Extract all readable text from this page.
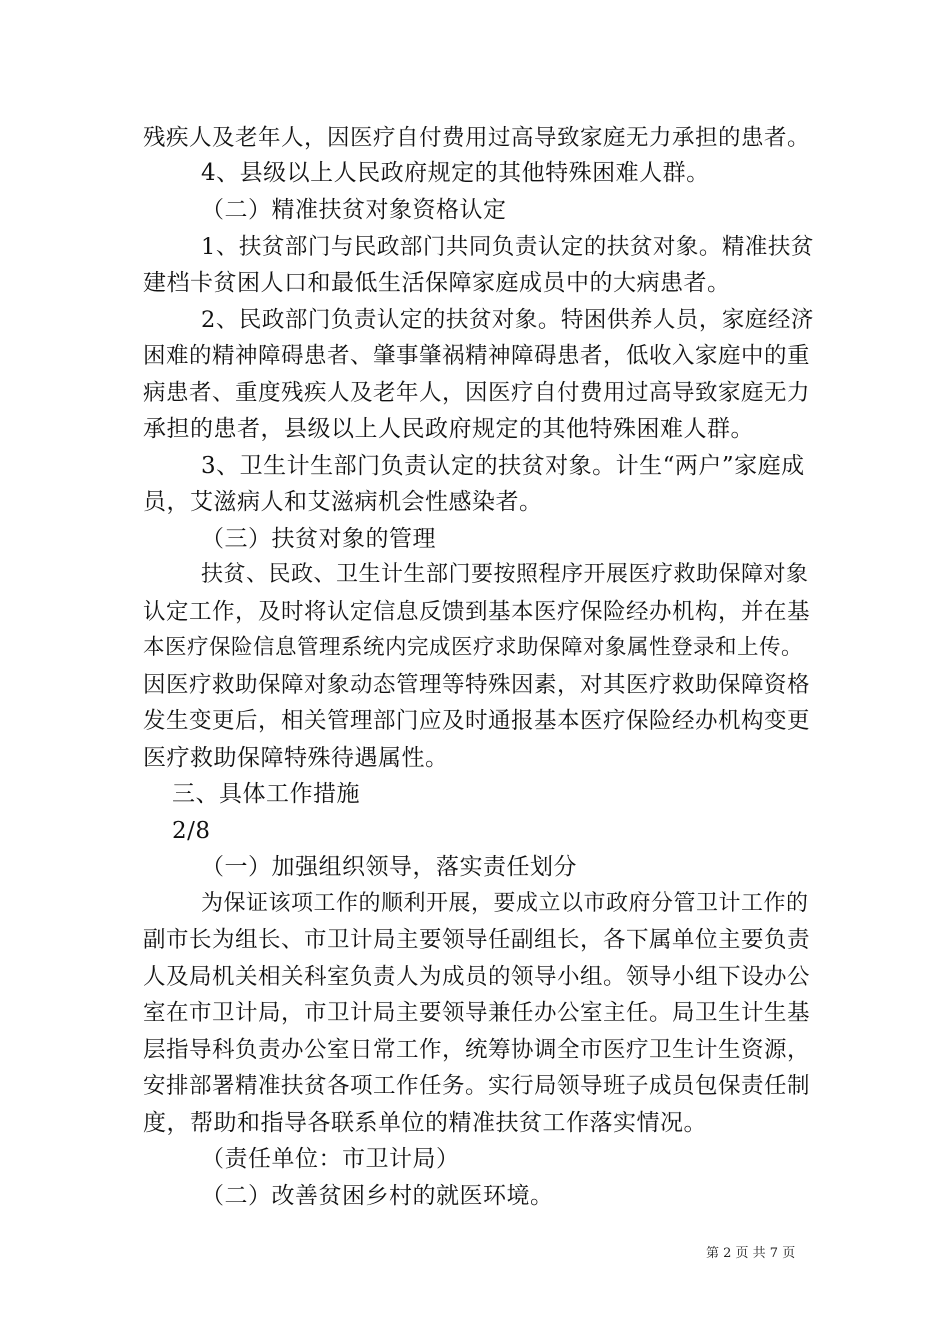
残疾人及老年人，因医疗自付费用过高导致家庭无力承担的患者。
4、县级以上人民政府规定的其他特殊困难人群。
（二）精准扶贫对象资格认定
1、扶贫部门与民政部门共同负责认定的扶贫对象。精准扶贫
建档卡贫困人口和最低生活保障家庭成员中的大病患者。
2、民政部门负责认定的扶贫对象。特困供养人员，家庭经济
困难的精神障碍患者、肇事肇祸精神障碍患者，低收入家庭中的重
病患者、重度残疾人及老年人，因医疗自付费用过高导致家庭无力
承担的患者，县级以上人民政府规定的其他特殊困难人群。
3、卫生计生部门负责认定的扶贫对象。计生“两户”家庭成
员，艾滋病人和艾滋病机会性感染者。
（三）扶贫对象的管理
扶贫、民政、卫生计生部门要按照程序开展医疗救助保障对象
认定工作，及时将认定信息反馈到基本医疗保险经办机构，并在基
本医疗保险信息管理系统内完成医疗求助保障对象属性登录和上传。
因医疗救助保障对象动态管理等特殊因素，对其医疗救助保障资格
发生变更后，相关管理部门应及时通报基本医疗保险经办机构变更
医疗救助保障特殊待遇属性。
三、具体工作措施
2/8
（一）加强组织领导，落实责任划分
为保证该项工作的顺利开展，要成立以市政府分管卫计工作的
副市长为组长、市卫计局主要领导任副组长，各下属单位主要负责
人及局机关相关科室负责人为成员的领导小组。领导小组下设办公
室在市卫计局，市卫计局主要领导兼任办公室主任。局卫生计生基
层指导科负责办公室日常工作，统筹协调全市医疗卫生计生资源，
安排部署精准扶贫各项工作任务。实行局领导班子成员包保责任制
度，帮助和指导各联系单位的精准扶贫工作落实情况。
（责任单位：市卫计局）
（二）改善贫困乡村的就医环境。
第 2 页 共 7 页
